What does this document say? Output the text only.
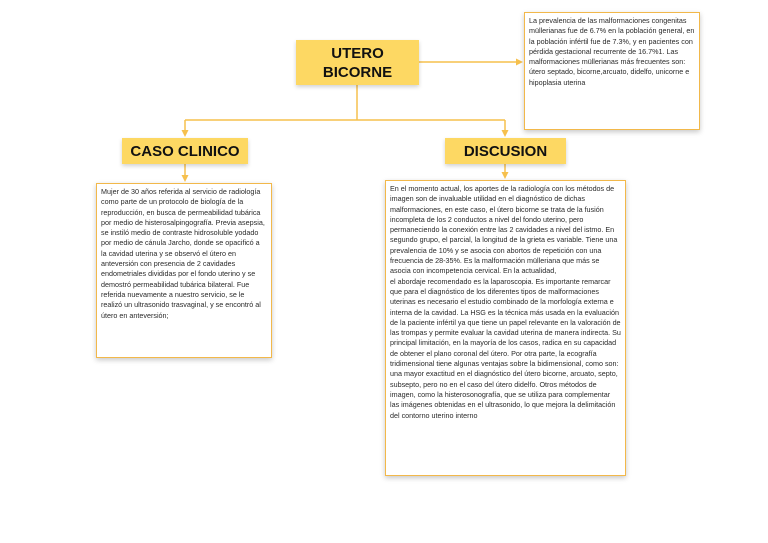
UTERO
BICORNE

La prevalencia de las malformaciones congenitas müllerianas fue de 6.7% en la población general, en la población infértil fue de 7.3%, y en pacientes con pérdida gestacional recurrente de 16.7%1. Las malformaciones müllerianas más frecuentes son: útero septado, bicorne,arcuato, didelfo, unicorne e hipoplasia uterina

CASO CLINICO	DISCUSION

Mujer de 30 años referida al servicio de radiología como parte de un protocolo de biología de la reproducción, en busca de permeabilidad tubárica por medio de histerosalpingografía. Previa asepsia, se instiló medio de contraste hidrosoluble yodado por medio de cánula Jarcho, donde se opacificó a la cavidad uterina y se observó el útero en anteversión con presencia de 2 cavidades endometriales divididas por el fondo uterino y se demostró permeabilidad tubárica bilateral. Fue referida nuevamente a nuestro servicio, se le realizó un ultrasonido trasvaginal, y se encontró al útero en anteversión;

En el momento actual, los aportes de la radiología con los métodos de imagen son de invaluable utilidad en el diagnóstico de dichas malformaciones, en este caso, el útero bicorne se trata de la fusión incompleta de los 2 conductos a nivel del fondo uterino, pero permaneciendo la conexión entre las 2 cavidades a nivel del istmo. En segundo grupo, el parcial, la longitud de la grieta es variable. Tiene una prevalencia de 10% y se asocia con abortos de repetición con una frecuencia de 28-35%. Es la malformación mülleriana que más se asocia con incompetencia cervical. En la actualidad,

el abordaje recomendado es la laparoscopia. Es importante remarcar que para el diagnóstico de los diferentes tipos de malformaciones uterinas es necesario el estudio combinado de la morfología externa e interna de la cavidad. La HSG es la técnica más usada en la evaluación de la paciente infértil ya que tiene un papel relevante en la valoración de las trompas y permite evaluar la cavidad uterina de manera indirecta. Su principal limitación, en la mayoría de los casos, radica en su capacidad de obtener el plano coronal del útero. Por otra parte, la ecografía tridimensional tiene algunas ventajas sobre la bidimensional, como son: una mayor exactitud en el diagnóstico del útero bicorne, arcuato, septo, subsepto, pero no en el caso del útero didelfo. Otros métodos de imagen, como la histerosonografía, que se utiliza para complementar las imágenes obtenidas en el ultrasonido, lo que mejora la delimitación del contorno uterino interno
